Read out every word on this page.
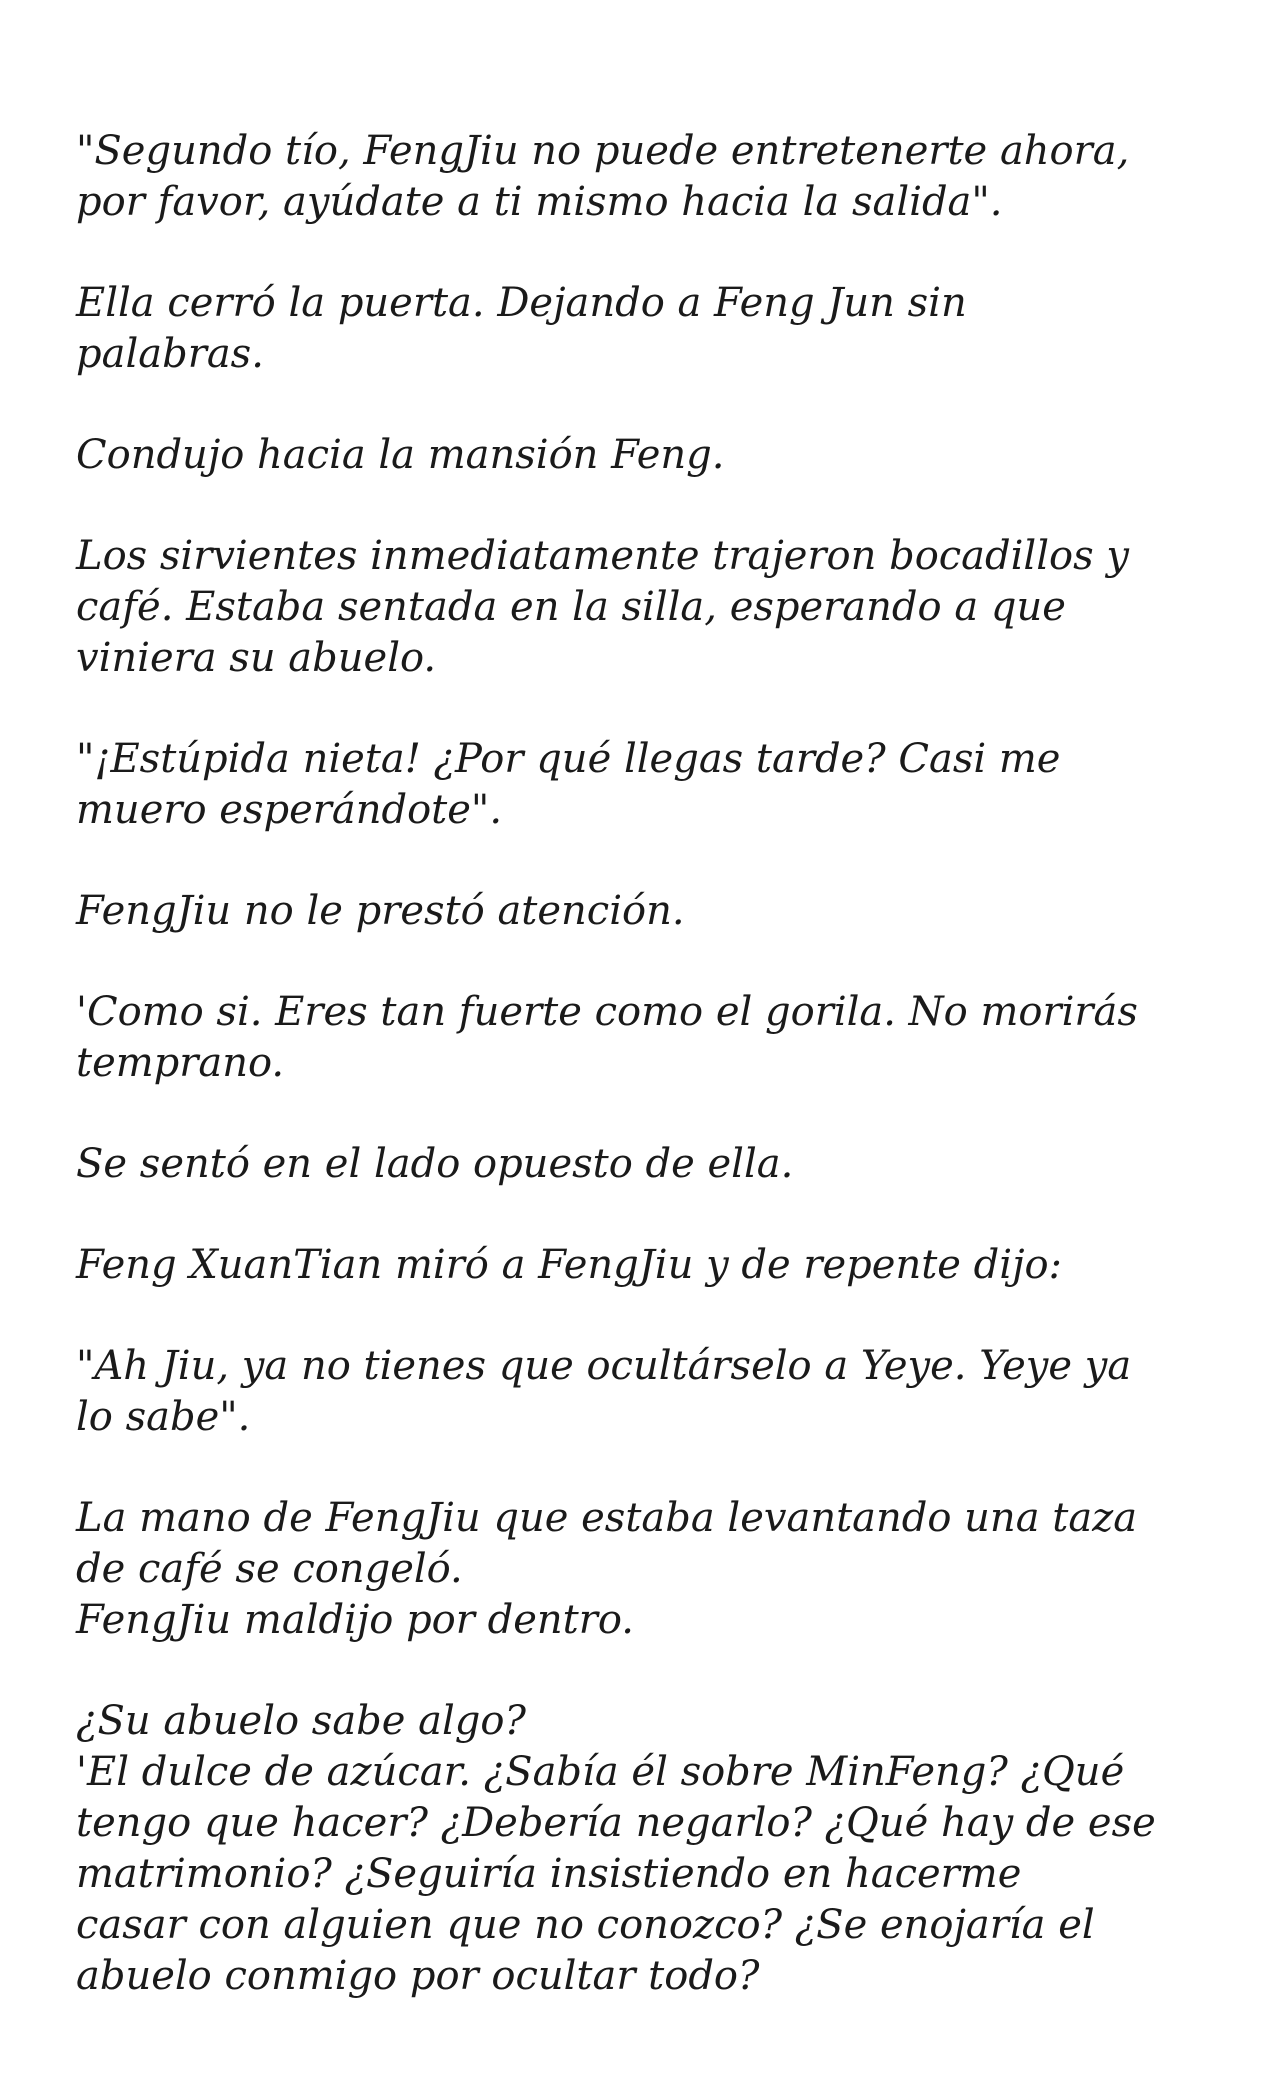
"Segundo tío, FengJiu no puede entretenerte ahora,
por favor, ayúdate a ti mismo hacia la salida".
Ella cerró la puerta. Dejando a Feng Jun sin
palabras.
Condujo hacia la mansión Feng.
Los sirvientes inmediatamente trajeron bocadillos y
café. Estaba sentada en la silla, esperando a que
viniera su abuelo.
"¡Estúpida nieta! ¿Por qué llegas tarde? Casi me
muero esperándote".
FengJiu no le prestó atención.
'Como si. Eres tan fuerte como el gorila. No morirás
temprano.
Se sentó en el lado opuesto de ella.
Feng XuanTian miró a FengJiu y de repente dijo:
"Ah Jiu, ya no tienes que ocultárselo a Yeye. Yeye ya
lo sabe".
La mano de FengJiu que estaba levantando una taza
de café se congeló.
FengJiu maldijo por dentro.
¿Su abuelo sabe algo?
'El dulce de azúcar. ¿Sabía él sobre MinFeng? ¿Qué
tengo que hacer? ¿Debería negarlo? ¿Qué hay de ese
matrimonio? ¿Seguiría insistiendo en hacerme
casar con alguien que no conozco? ¿Se enojaría el
abuelo conmigo por ocultar todo?
